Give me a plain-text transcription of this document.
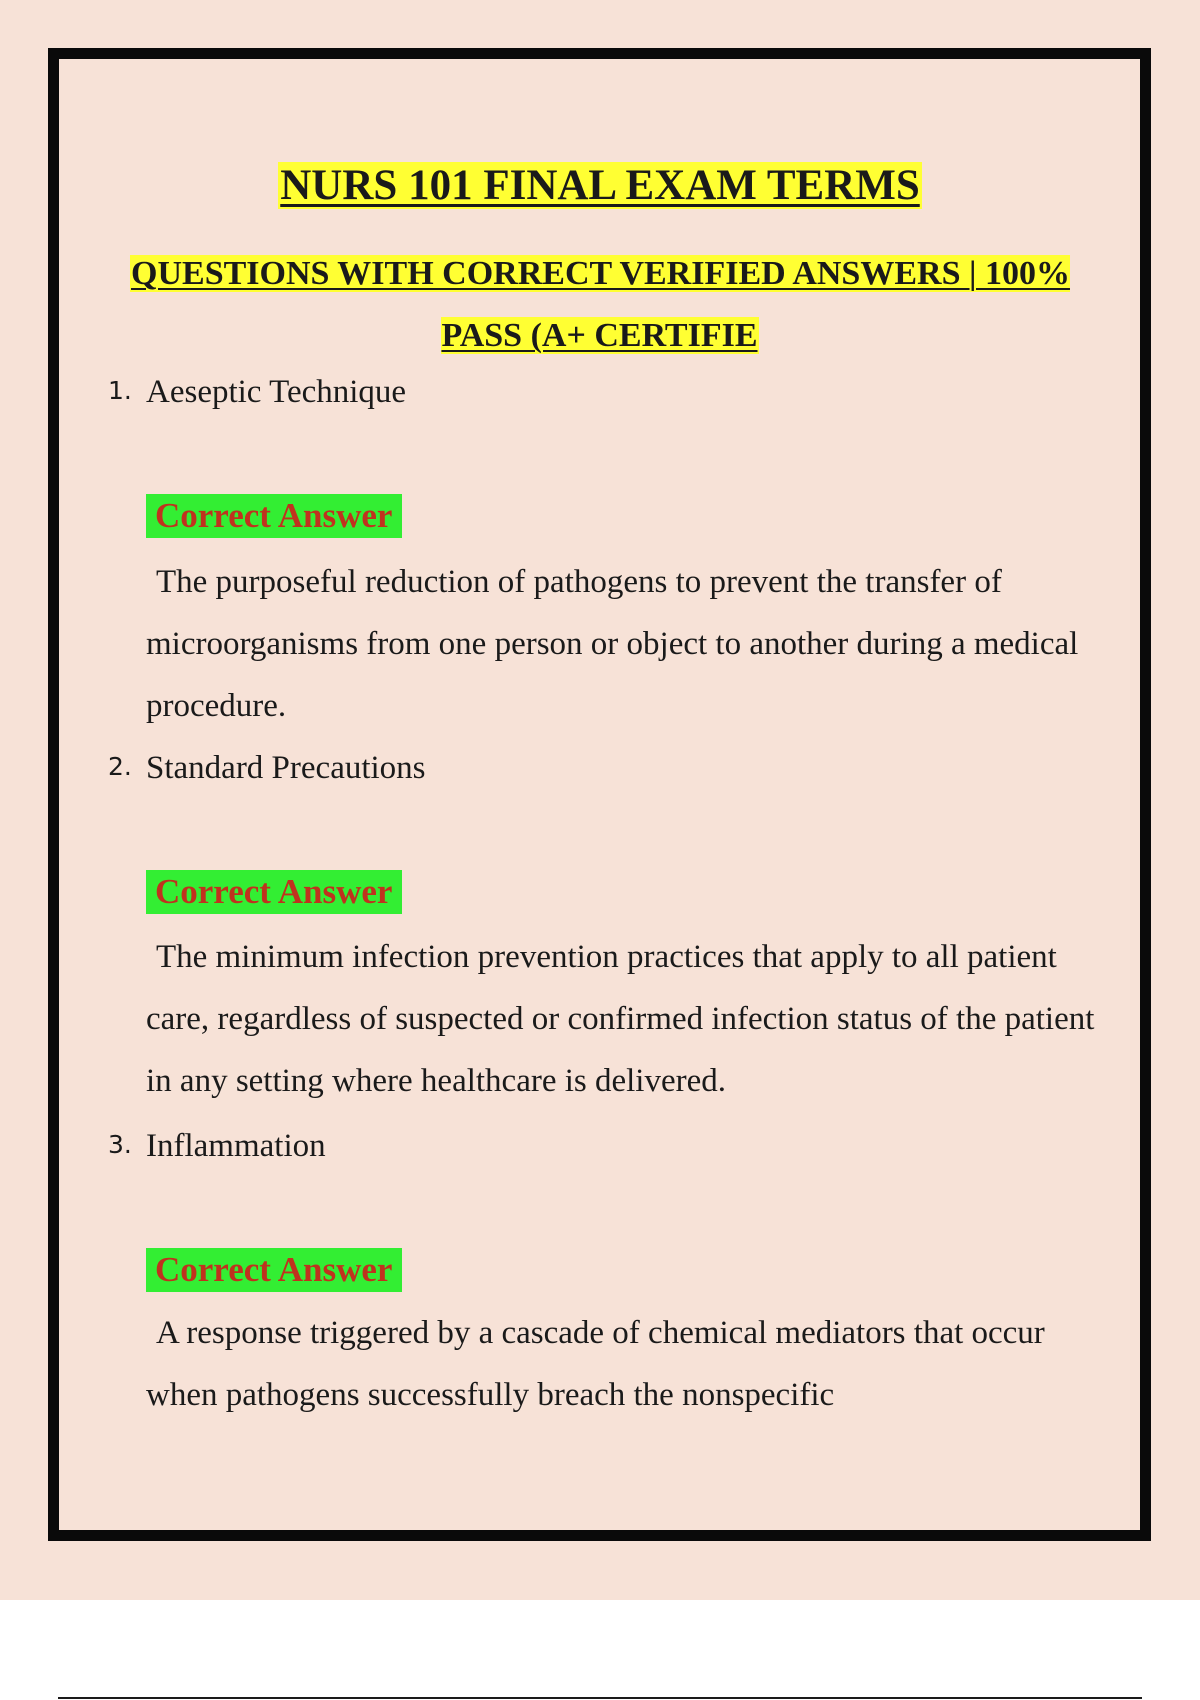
NURS 101 FINAL EXAM TERMS
QUESTIONS WITH CORRECT VERIFIED ANSWERS | 100% PASS (A+ CERTIFIE
1. Aeseptic Technique
Correct Answer
The purposeful reduction of pathogens to prevent the transfer of microorganisms from one person or object to another during a medical procedure.
2. Standard Precautions
Correct Answer
The minimum infection prevention practices that apply to all patient care, regardless of suspected or confirmed infection status of the patient in any setting where healthcare is delivered.
3. Inflammation
Correct Answer
A response triggered by a cascade of chemical mediators that occur when pathogens successfully breach the nonspecific
